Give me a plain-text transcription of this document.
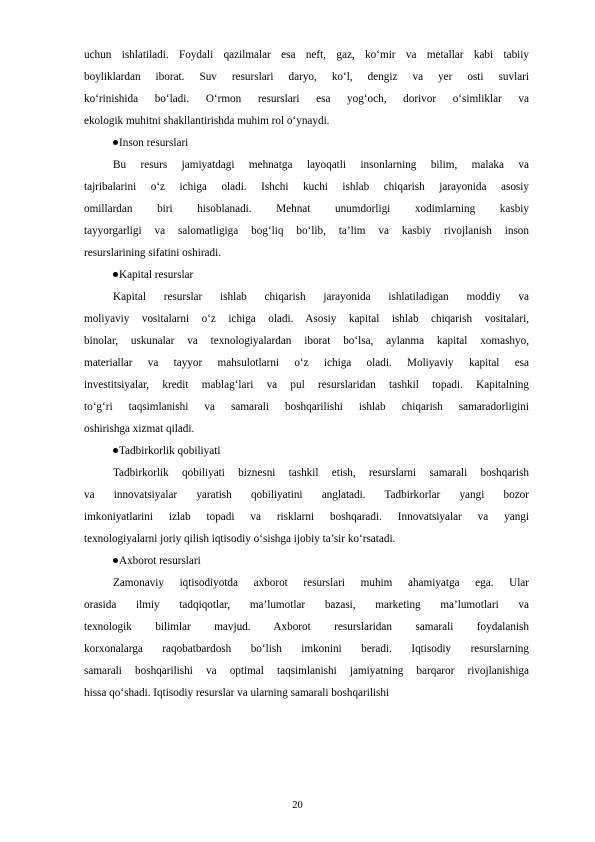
uchun ishlatiladi. Foydali qazilmalar esa neft, gaz, ko‘mir va metallar kabi tabiiy
boyliklardan iborat. Suv resurslari daryo, ko‘l, dengiz va yer osti suvlari
ko‘rinishida bo‘ladi. O‘rmon resurslari esa yog‘och, dorivor o‘simliklar va
ekologik muhitni shakllantirishda muhim rol o‘ynaydi.
Inson resurslari
Bu resurs jamiyatdagi mehnatga layoqatli insonlarning bilim, malaka va
tajribalarini o‘z ichiga oladi. Ishchi kuchi ishlab chiqarish jarayonida asosiy
omillardan biri hisoblanadi. Mehnat unumdorligi xodimlarning kasbiy
tayyorgarligi va salomatligiga bog‘liq bo‘lib, ta’lim va kasbiy rivojlanish inson
resurslarining sifatini oshiradi.
Kapital resurslar
Kapital resurslar ishlab chiqarish jarayonida ishlatiladigan moddiy va
moliyaviy vositalarni o‘z ichiga oladi. Asosiy kapital ishlab chiqarish vositalari,
binolar, uskunalar va texnologiyalardan iborat bo‘lsa, aylanma kapital xomashyo,
materiallar va tayyor mahsulotlarni o‘z ichiga oladi. Moliyaviy kapital esa
investitsiyalar, kredit mablag‘lari va pul resurslaridan tashkil topadi. Kapitalning
to‘g‘ri taqsimlanishi va samarali boshqarilishi ishlab chiqarish samaradorligini
oshirishga xizmat qiladi.
Tadbirkorlik qobiliyati
Tadbirkorlik qobiliyati biznesni tashkil etish, resurslarni samarali boshqarish
va innovatsiyalar yaratish qobiliyatini anglatadi. Tadbirkorlar yangi bozor
imkoniyatlarini izlab topadi va risklarni boshqaradi. Innovatsiyalar va yangi
texnologiyalarni joriy qilish iqtisodiy o‘sishga ijobiy ta’sir ko‘rsatadi.
Axborot resurslari
Zamonaviy iqtisodiyotda axborot resurslari muhim ahamiyatga ega. Ular
orasida ilmiy tadqiqotlar, ma’lumotlar bazasi, marketing ma’lumotlari va
texnologik bilimlar mavjud. Axborot resurslaridan samarali foydalanish
korxonalarga raqobatbardosh bo‘lish imkonini beradi. Iqtisodiy resurslarning
samarali boshqarilishi va optimal taqsimlanishi jamiyatning barqaror rivojlanishiga
hissa qo‘shadi. Iqtisodiy resurslar va ularning samarali boshqarilishi
20
